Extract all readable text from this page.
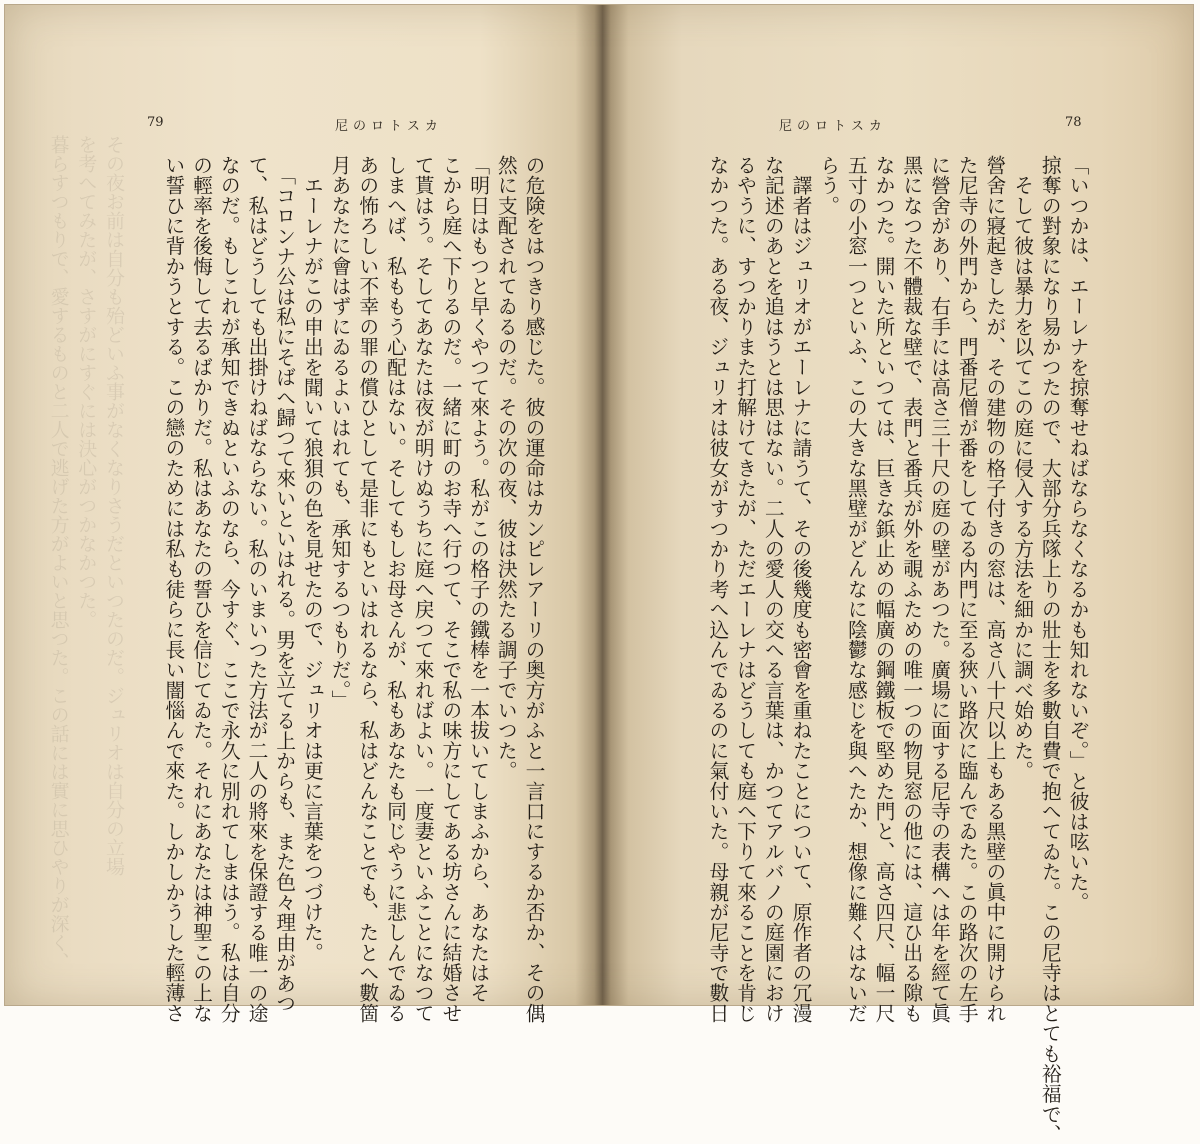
その夜お前は自分も殆どいふ事がなくなりさうだといつたのだ。ジュリオは自分の立場
を考へてみたが、さすがにすぐには決心がつかなかつた。
暮らすつもりで、愛するものと二人で逃げた方がよいと思つた。この話には實に思ひやりが深く、

79	尼のロトスカ
の危険をはつきり感じた。彼の運命はカンピレアーリの奥方がふと一言口にするか否か、その偶
然に支配されてゐるのだ。その次の夜、彼は決然たる調子でいつた。
「明日はもつと早くやつて來よう。私がこの格子の鐵棒を一本拔いてしまふから、あなたはそ
こから庭へ下りるのだ。一緒に町のお寺へ行つて、そこで私の味方にしてある坊さんに結婚させ
て貰はう。そしてあなたは夜が明けぬうちに庭へ戻つて來ればよい。一度妻といふことになつて
しまへば、私ももう心配はない。そしてもしお母さんが、私もあなたも同じやうに悲しんでゐる
あの怖ろしい不幸の罪の償ひとして是非にもといはれるなら、私はどんなことでも、たとへ數箇
月あなたに會はずにゐるよいはれても、承知するつもりだ。」
　エーレナがこの申出を聞いて狼狽の色を見せたので、ジュリオは更に言葉をつづけた。
　「コロンナ公は私にそばへ歸つて來いといはれる。男を立てる上からも、また色々理由があつ
て、私はどうしても出掛けねばならない。私のいまいつた方法が二人の將來を保證する唯一の途
なのだ。もしこれが承知できぬといふのなら、今すぐ、ここで永久に別れてしまはう。私は自分
の輕率を後悔して去るばかりだ。私はあなたの誓ひを信じてゐた。それにあなたは神聖この上な
い誓ひに背かうとする。この戀のためには私も徒らに長い闇惱んで來た。しかしかうした輕薄さ
78
尼のロトスカ
「いつかは、エーレナを掠奪せねばならなくなるかも知れないぞ。」と彼は呟いた。
掠奪の對象になり易かつたので、大部分兵隊上りの壯士を多數自費で抱へてゐた。この尼寺はとても裕福で、
　そして彼は暴力を以てこの庭に侵入する方法を細かに調べ始めた。
營舍に寢起きしたが、その建物の格子付きの窓は、高さ八十尺以上もある黑壁の眞中に開けられ
た尼寺の外門から、門番尼僧が番をしてゐる内門に至る狹い路次に臨んでゐた。この路次の左手
に營舍があり、右手には高さ三十尺の庭の壁があつた。廣場に面する尼寺の表構へは年を經て眞
黑になつた不體裁な壁で、表門と番兵が外を覗ふための唯一つの物見窓の他には、這ひ出る隙も
なかつた。開いた所といつては、巨きな鋲止めの幅廣の鋼鐵板で堅めた門と、高さ四尺、幅一尺
五寸の小窓一つといふ、この大きな黑壁がどんなに陰鬱な感じを與へたか、想像に難くはないだ
らう。
　譯者はジュリオがエーレナに請うて、その後幾度も密會を重ねたことについて、原作者の冗漫
な記述のあとを追はうとは思はない。二人の愛人の交へる言葉は、かつてアルバノの庭園におけ
るやうに、すつかりまた打解けてきたが、ただエーレナはどうしても庭へ下りて來ることを肯じ
なかつた。ある夜、ジュリオは彼女がすつかり考へ込んでゐるのに氣付いた。母親が尼寺で數日
